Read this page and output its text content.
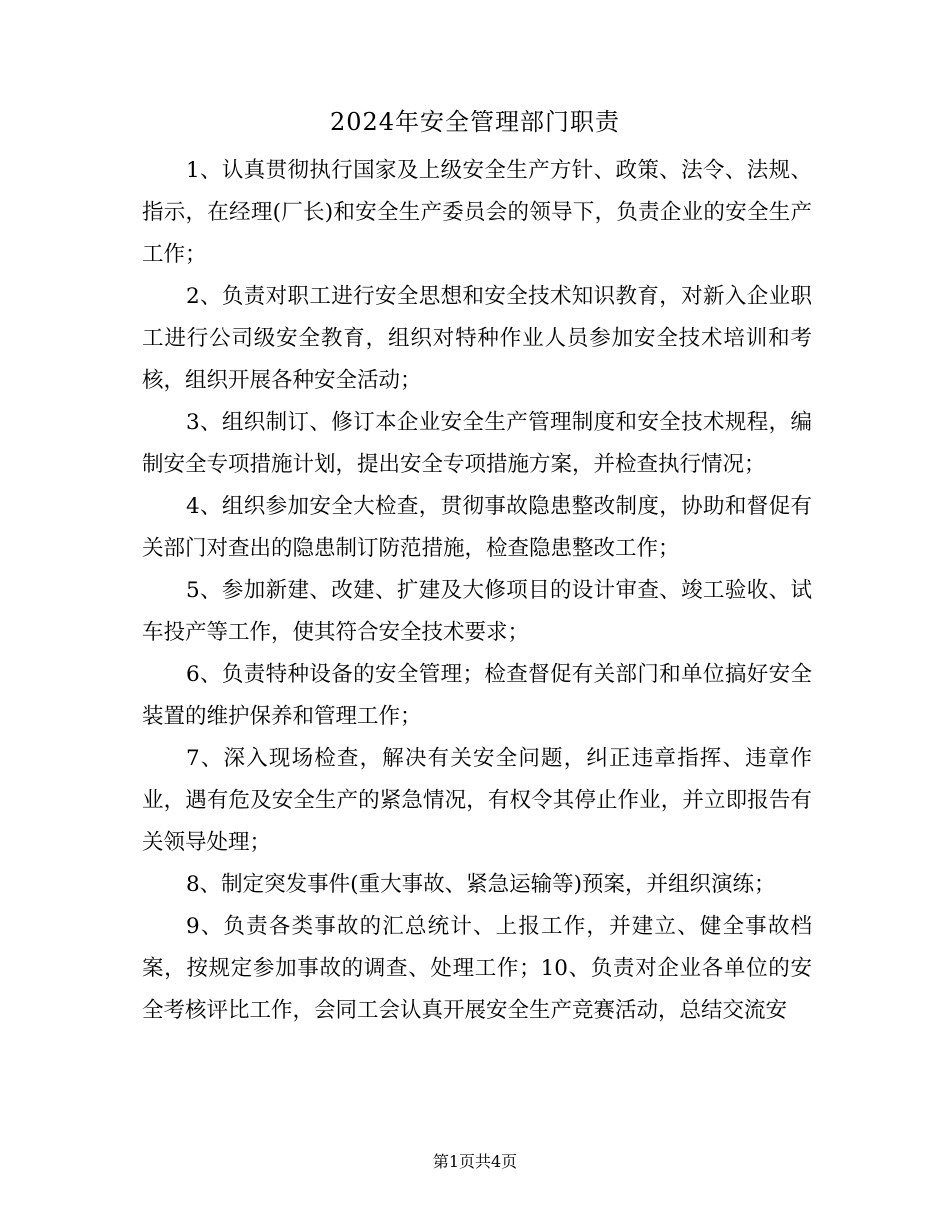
2024年安全管理部门职责

1、认真贯彻执行国家及上级安全生产方针、政策、法令、法规、指示，在经理(厂长)和安全生产委员会的领导下，负责企业的安全生产工作；

2、负责对职工进行安全思想和安全技术知识教育，对新入企业职工进行公司级安全教育，组织对特种作业人员参加安全技术培训和考核，组织开展各种安全活动；

3、组织制订、修订本企业安全生产管理制度和安全技术规程，编制安全专项措施计划，提出安全专项措施方案，并检查执行情况；

4、组织参加安全大检查，贯彻事故隐患整改制度，协助和督促有关部门对查出的隐患制订防范措施，检查隐患整改工作；

5、参加新建、改建、扩建及大修项目的设计审查、竣工验收、试车投产等工作，使其符合安全技术要求；

6、负责特种设备的安全管理；检查督促有关部门和单位搞好安全装置的维护保养和管理工作；

7、深入现场检查，解决有关安全问题，纠正违章指挥、违章作业，遇有危及安全生产的紧急情况，有权令其停止作业，并立即报告有关领导处理；

8、制定突发事件(重大事故、紧急运输等)预案，并组织演练；

9、负责各类事故的汇总统计、上报工作，并建立、健全事故档案，按规定参加事故的调查、处理工作；10、负责对企业各单位的安全考核评比工作，会同工会认真开展安全生产竞赛活动，总结交流安

第1页共4页
